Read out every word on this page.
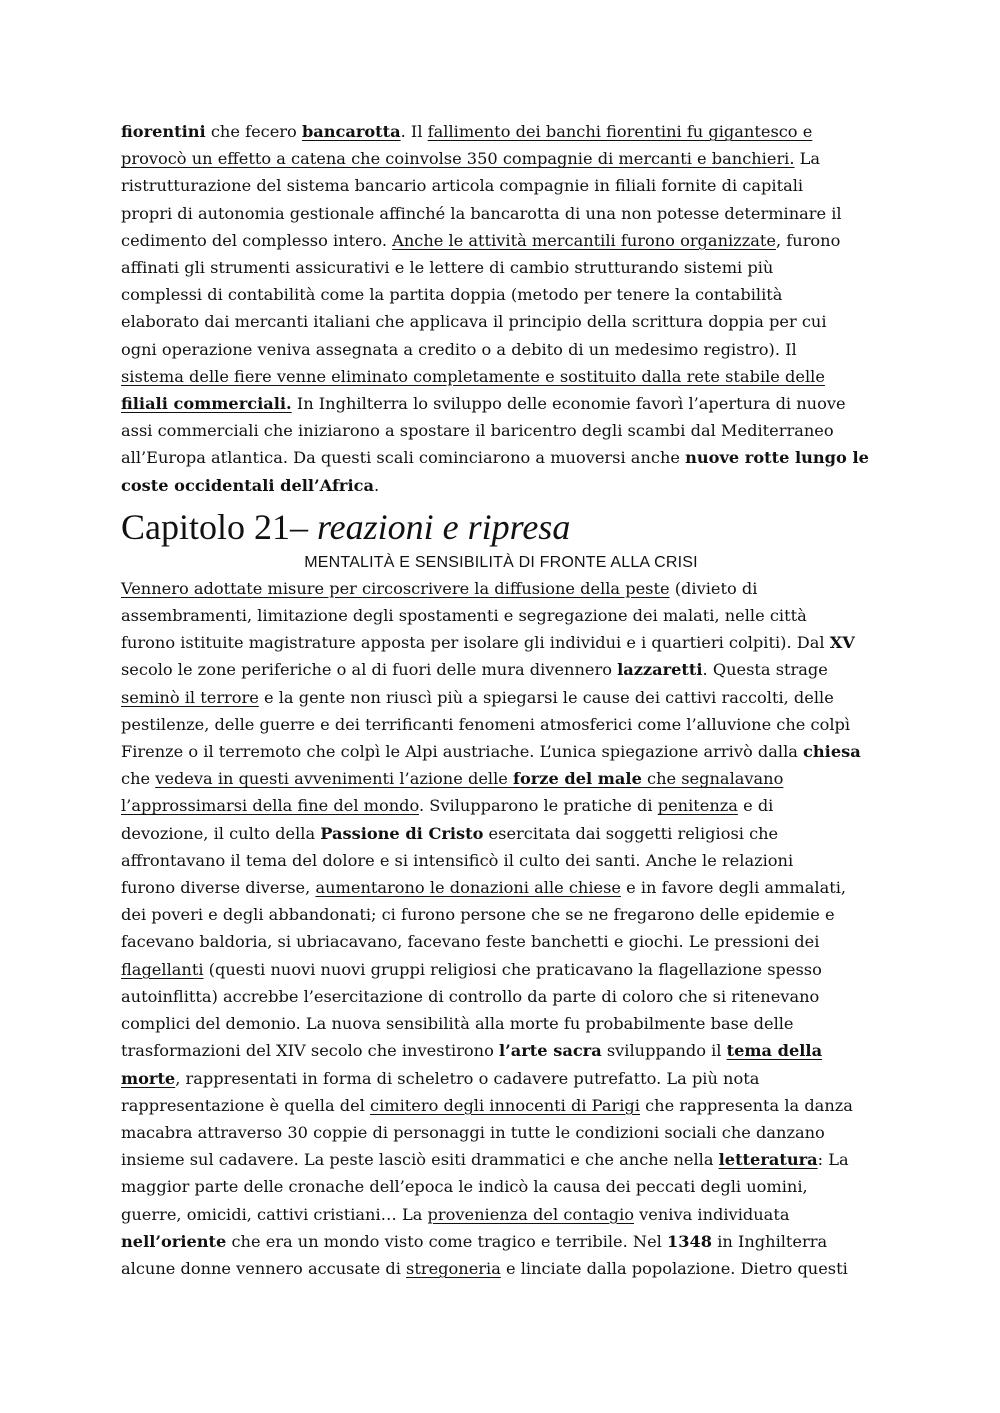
fiorentini che fecero bancarotta. Il fallimento dei banchi fiorentini fu gigantesco e
provocò un effetto a catena che coinvolse 350 compagnie di mercanti e banchieri. La
ristrutturazione del sistema bancario articola compagnie in filiali fornite di capitali
propri di autonomia gestionale affinché la bancarotta di una non potesse determinare il
cedimento del complesso intero. Anche le attività mercantili furono organizzate, furono
affinati gli strumenti assicurativi e le lettere di cambio strutturando sistemi più
complessi di contabilità come la partita doppia (metodo per tenere la contabilità
elaborato dai mercanti italiani che applicava il principio della scrittura doppia per cui
ogni operazione veniva assegnata a credito o a debito di un medesimo registro). Il
sistema delle fiere venne eliminato completamente e sostituito dalla rete stabile delle
filiali commerciali. In Inghilterra lo sviluppo delle economie favorì l’apertura di nuove
assi commerciali che iniziarono a spostare il baricentro degli scambi dal Mediterraneo
all’Europa atlantica. Da questi scali cominciarono a muoversi anche nuove rotte lungo le
coste occidentali dell’Africa.

Capitolo 21– reazioni e ripresa

MENTALITÀ E SENSIBILITÀ DI FRONTE ALLA CRISI

Vennero adottate misure per circoscrivere la diffusione della peste (divieto di
assembramenti, limitazione degli spostamenti e segregazione dei malati, nelle città
furono istituite magistrature apposta per isolare gli individui e i quartieri colpiti). Dal XV
secolo le zone periferiche o al di fuori delle mura divennero lazzaretti. Questa strage
seminò il terrore e la gente non riuscì più a spiegarsi le cause dei cattivi raccolti, delle
pestilenze, delle guerre e dei terrificanti fenomeni atmosferici come l’alluvione che colpì
Firenze o il terremoto che colpì le Alpi austriache. L’unica spiegazione arrivò dalla chiesa
che vedeva in questi avvenimenti l’azione delle forze del male che segnalavano
l’approssimarsi della fine del mondo. Svilupparono le pratiche di penitenza e di
devozione, il culto della Passione di Cristo esercitata dai soggetti religiosi che
affrontavano il tema del dolore e si intensificò il culto dei santi. Anche le relazioni
furono diverse diverse, aumentarono le donazioni alle chiese e in favore degli ammalati,
dei poveri e degli abbandonati; ci furono persone che se ne fregarono delle epidemie e
facevano baldoria, si ubriacavano, facevano feste banchetti e giochi. Le pressioni dei
flagellanti (questi nuovi nuovi gruppi religiosi che praticavano la flagellazione spesso
autoinflitta) accrebbe l’esercitazione di controllo da parte di coloro che si ritenevano
complici del demonio. La nuova sensibilità alla morte fu probabilmente base delle
trasformazioni del XIV secolo che investirono l’arte sacra sviluppando il tema della
morte, rappresentati in forma di scheletro o cadavere putrefatto. La più nota
rappresentazione è quella del cimitero degli innocenti di Parigi che rappresenta la danza
macabra attraverso 30 coppie di personaggi in tutte le condizioni sociali che danzano
insieme sul cadavere. La peste lasciò esiti drammatici e che anche nella letteratura: La
maggior parte delle cronache dell’epoca le indicò la causa dei peccati degli uomini,
guerre, omicidi, cattivi cristiani… La provenienza del contagio veniva individuata
nell’oriente che era un mondo visto come tragico e terribile. Nel 1348 in Inghilterra
alcune donne vennero accusate di stregoneria e linciate dalla popolazione. Dietro questi
